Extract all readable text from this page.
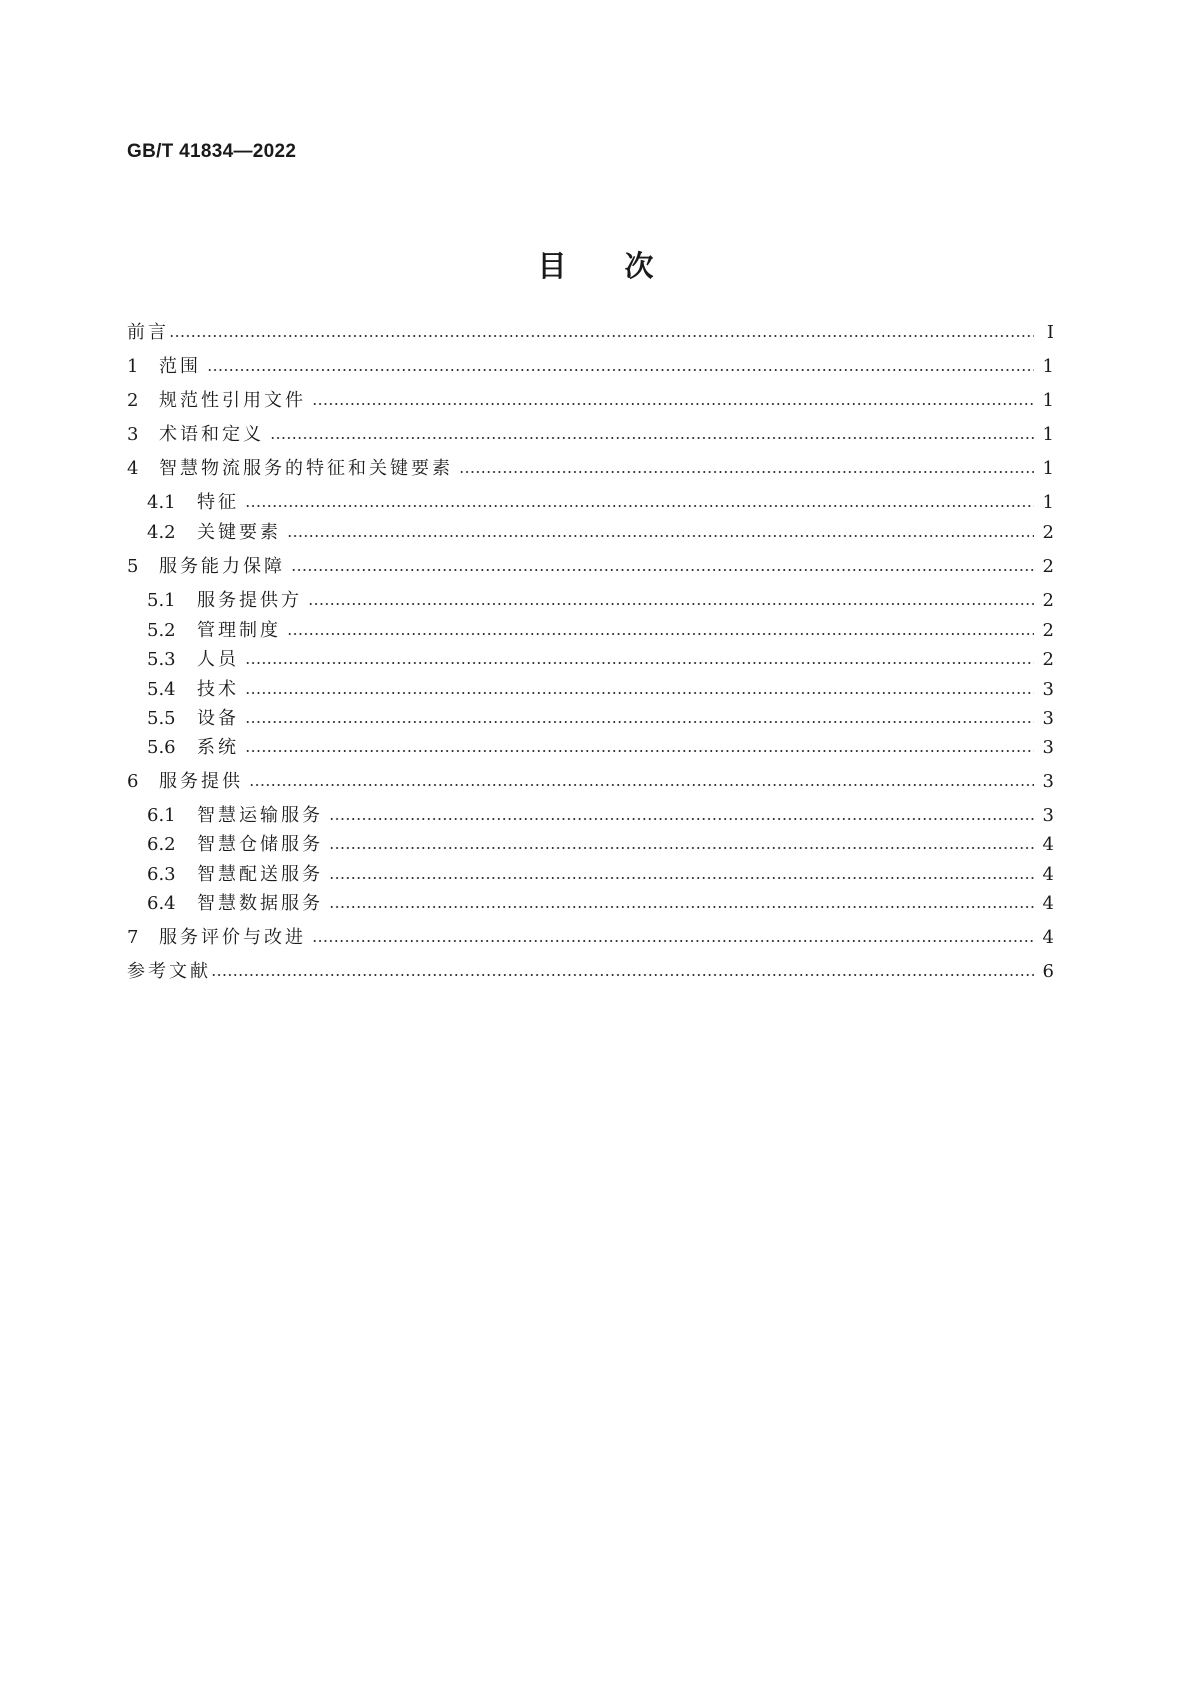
GB/T 41834—2022
目次
前言	Ⅰ
1	范围	1
2	规范性引用文件	1
3	术语和定义	1
4	智慧物流服务的特征和关键要素	1
4.1	特征	1
4.2	关键要素	2
5	服务能力保障	2
5.1	服务提供方	2
5.2	管理制度	2
5.3	人员	2
5.4	技术	3
5.5	设备	3
5.6	系统	3
6	服务提供	3
6.1	智慧运输服务	3
6.2	智慧仓储服务	4
6.3	智慧配送服务	4
6.4	智慧数据服务	4
7	服务评价与改进	4
参考文献	6
